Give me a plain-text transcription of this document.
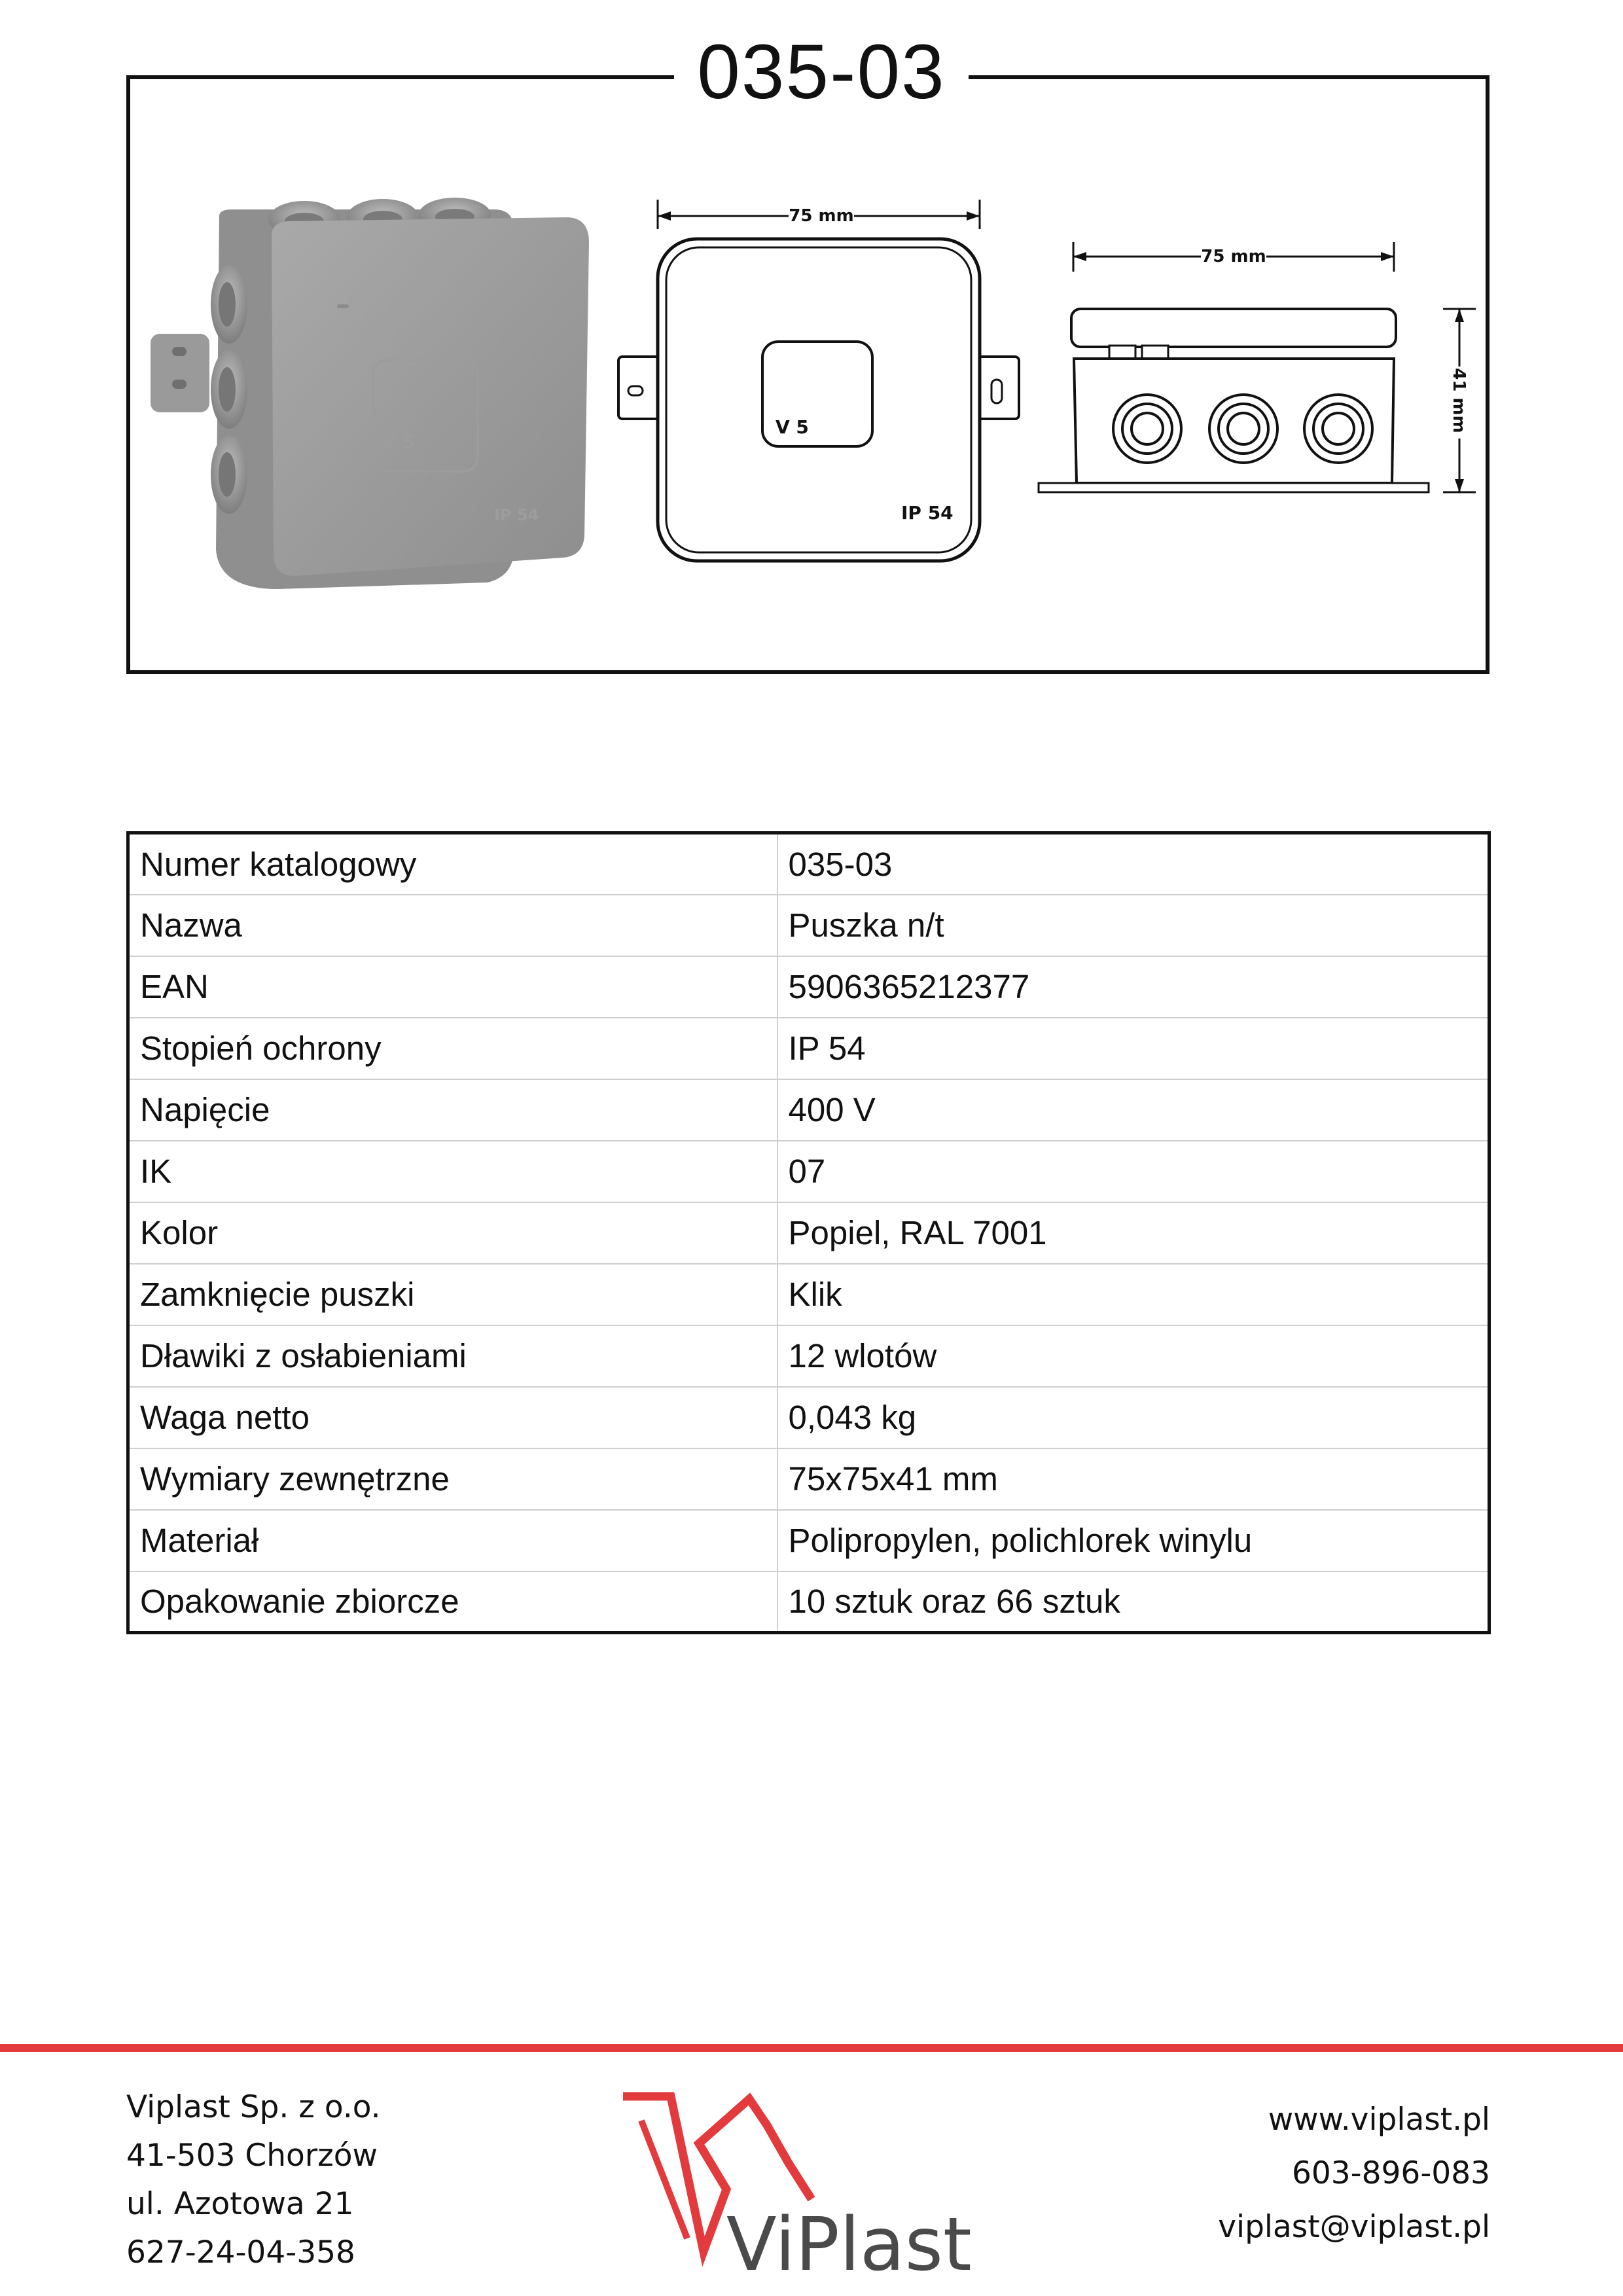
035-03
V 5
IP 54
75 mm
V 5
IP 54
75 mm
41 mm
Numer katalogowy	035-03
Nazwa	Puszka n/t
EAN	5906365212377
Stopień ochrony	IP 54
Napięcie	400 V
IK	07
Kolor	Popiel, RAL 7001
Zamknięcie puszki	Klik
Dławiki z osłabieniami	12 wlotów
Waga netto	0,043 kg
Wymiary zewnętrzne	75x75x41 mm
Materiał	Polipropylen, polichlorek winylu
Opakowanie zbiorcze	10 sztuk oraz 66 sztuk
Viplast Sp. z o.o.
41-503 Chorzów
ul. Azotowa 21
627-24-04-358	ViPlast
www.viplast.pl
603-896-083
viplast@viplast.pl
